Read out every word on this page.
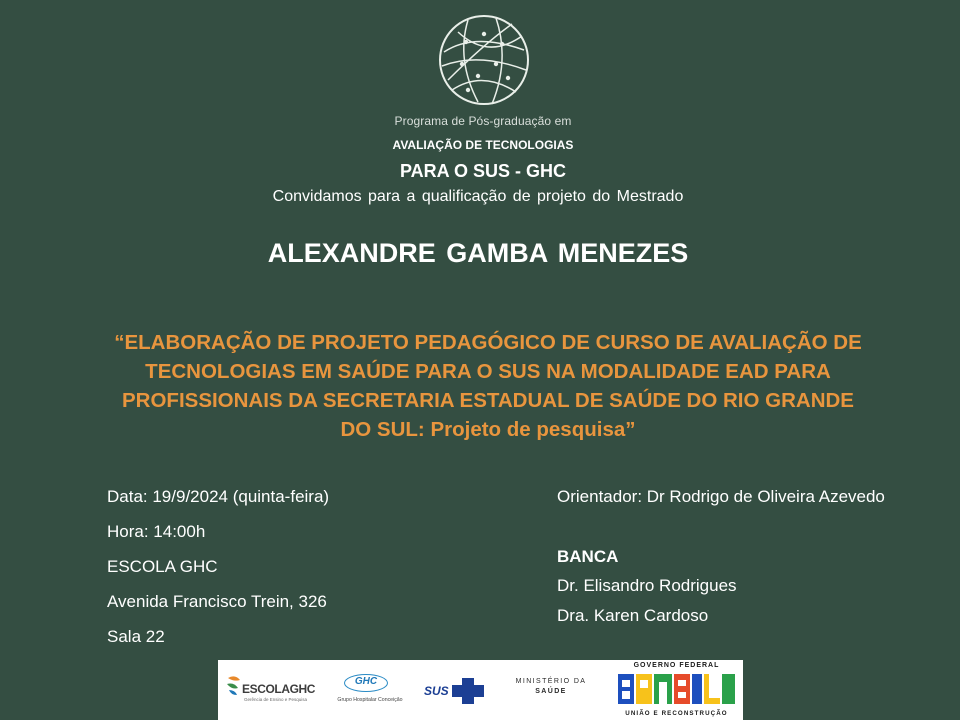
Programa de Pós-graduação em
AVALIAÇÃO DE TECNOLOGIAS
PARA O SUS - GHC
Convidamos para a qualificação de projeto do Mestrado
ALEXANDRE GAMBA MENEZES
“ELABORAÇÃO DE PROJETO PEDAGÓGICO DE CURSO DE AVALIAÇÃO DE
TECNOLOGIAS EM SAÚDE PARA O SUS NA MODALIDADE EAD PARA
PROFISSIONAIS DA SECRETARIA ESTADUAL DE SAÚDE DO RIO GRANDE
DO SUL: Projeto de pesquisa”
Data: 19/9/2024 (quinta-feira)
Hora: 14:00h
ESCOLA GHC
Avenida Francisco Trein, 326
Sala 22
Orientador: Dr Rodrigo de Oliveira Azevedo
BANCA
Dr. Elisandro Rodrigues
Dra. Karen Cardoso
ESCOLAGHC
Gerência de Ensino e Pesquisa
GHC
Grupo Hospitalar Conceição
SUS
MINISTÉRIO DA
SAÚDE
GOVERNO FEDERAL
UNIÃO E RECONSTRUÇÃO
